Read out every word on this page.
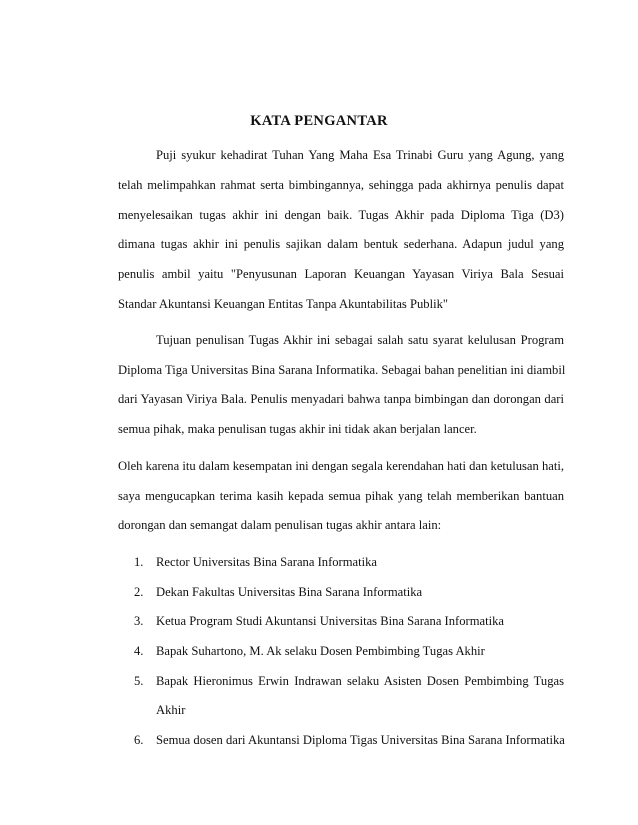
KATA PENGANTAR
Puji syukur kehadirat Tuhan Yang Maha Esa Trinabi Guru yang Agung, yang
telah melimpahkan rahmat serta bimbingannya, sehingga pada akhirnya penulis dapat
menyelesaikan tugas akhir ini dengan baik. Tugas Akhir pada Diploma Tiga (D3)
dimana tugas akhir ini penulis sajikan dalam bentuk sederhana. Adapun judul yang
penulis ambil yaitu "Penyusunan Laporan Keuangan Yayasan Viriya Bala Sesuai
Standar Akuntansi Keuangan Entitas Tanpa Akuntabilitas Publik"
Tujuan penulisan Tugas Akhir ini sebagai salah satu syarat kelulusan Program
Diploma Tiga Universitas Bina Sarana Informatika. Sebagai bahan penelitian ini diambil
dari Yayasan Viriya Bala. Penulis menyadari bahwa tanpa bimbingan dan dorongan dari
semua pihak, maka penulisan tugas akhir ini tidak akan berjalan lancer.
Oleh karena itu dalam kesempatan ini dengan segala kerendahan hati dan ketulusan hati,
saya mengucapkan terima kasih kepada semua pihak yang telah memberikan bantuan
dorongan dan semangat dalam penulisan tugas akhir antara lain:
1. Rector Universitas Bina Sarana Informatika
2. Dekan Fakultas Universitas Bina Sarana Informatika
3. Ketua Program Studi Akuntansi Universitas Bina Sarana Informatika
4. Bapak Suhartono, M. Ak selaku Dosen Pembimbing Tugas Akhir
5. Bapak Hieronimus Erwin Indrawan selaku Asisten Dosen Pembimbing Tugas
Akhir
6. Semua dosen dari Akuntansi Diploma Tigas Universitas Bina Sarana Informatika
